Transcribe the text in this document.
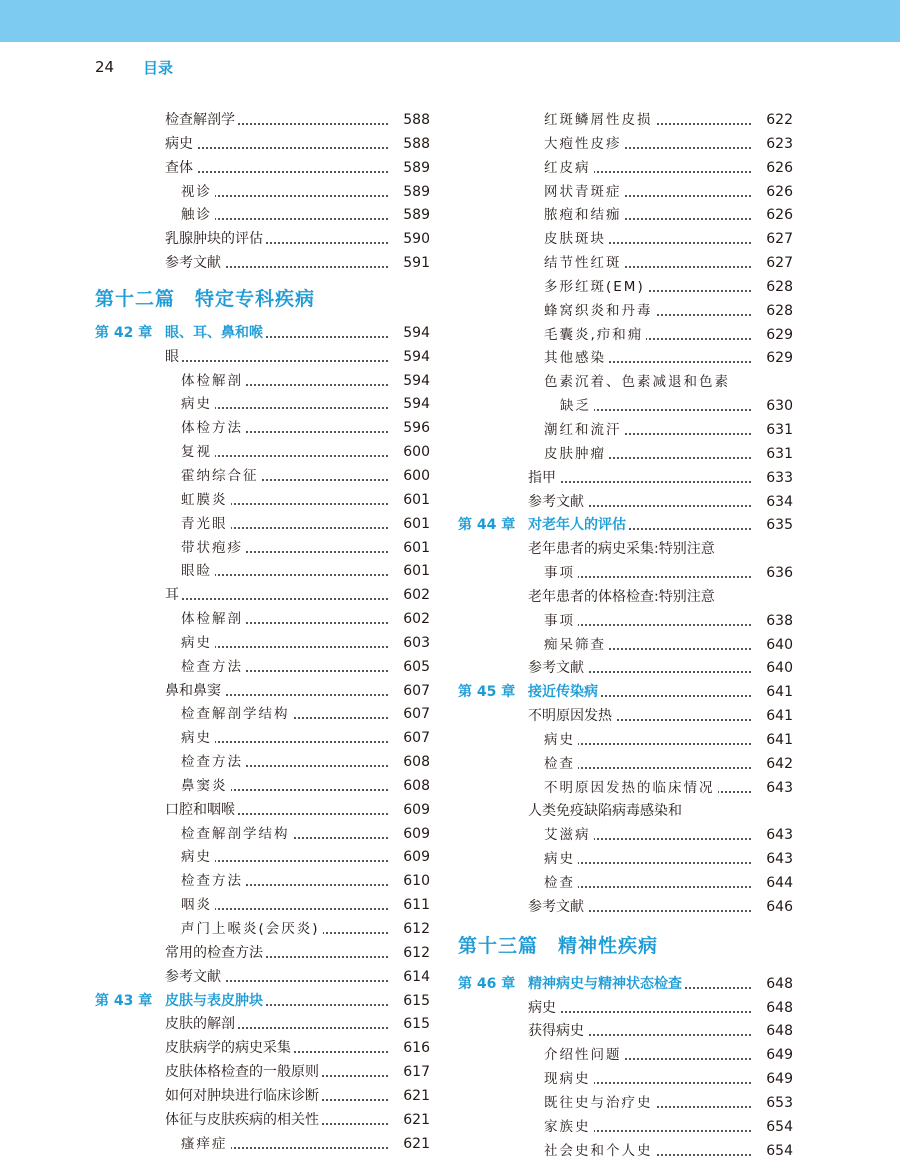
24 目录
检查解剖学	588
病史	588
查体	589
视诊	589
触诊	589
乳腺肿块的评估	590
参考文献	591
第十二篇　特定专科疾病
第 42 章 眼、耳、鼻和喉	594
眼	594
体检解剖	594
病史	594
体检方法	596
复视	600
霍纳综合征	600
虹膜炎	601
青光眼	601
带状疱疹	601
眼睑	601
耳	602
体检解剖	602
病史	603
检查方法	605
鼻和鼻窦	607
检查解剖学结构	607
病史	607
检查方法	608
鼻窦炎	608
口腔和咽喉	609
检查解剖学结构	609
病史	609
检查方法	610
咽炎	611
声门上喉炎(会厌炎)	612
常用的检查方法	612
参考文献	614
第 43 章 皮肤与表皮肿块	615
皮肤的解剖	615
皮肤病学的病史采集	616
皮肤体格检查的一般原则	617
如何对肿块进行临床诊断	621
体征与皮肤疾病的相关性	621
瘙痒症	621
红斑鳞屑性皮损	622
大疱性皮疹	623
红皮病	626
网状青斑症	626
脓疱和结痂	626
皮肤斑块	627
结节性红斑	627
多形红斑(EM)	628
蜂窝织炎和丹毒	628
毛囊炎,疖和痈	629
其他感染	629
色素沉着、色素减退和色素
缺乏	630
潮红和流汗	631
皮肤肿瘤	631
指甲	633
参考文献	634
第 44 章 对老年人的评估	635
老年患者的病史采集:特别注意
事项	636
老年患者的体格检查:特别注意
事项	638
痴呆筛查	640
参考文献	640
第 45 章 接近传染病	641
不明原因发热	641
病史	641
检查	642
不明原因发热的临床情况	643
人类免疫缺陷病毒感染和
艾滋病	643
病史	643
检查	644
参考文献	646
第十三篇　精神性疾病
第 46 章 精神病史与精神状态检查	648
病史	648
获得病史	648
介绍性问题	649
现病史	649
既往史与治疗史	653
家族史	654
社会史和个人史	654
